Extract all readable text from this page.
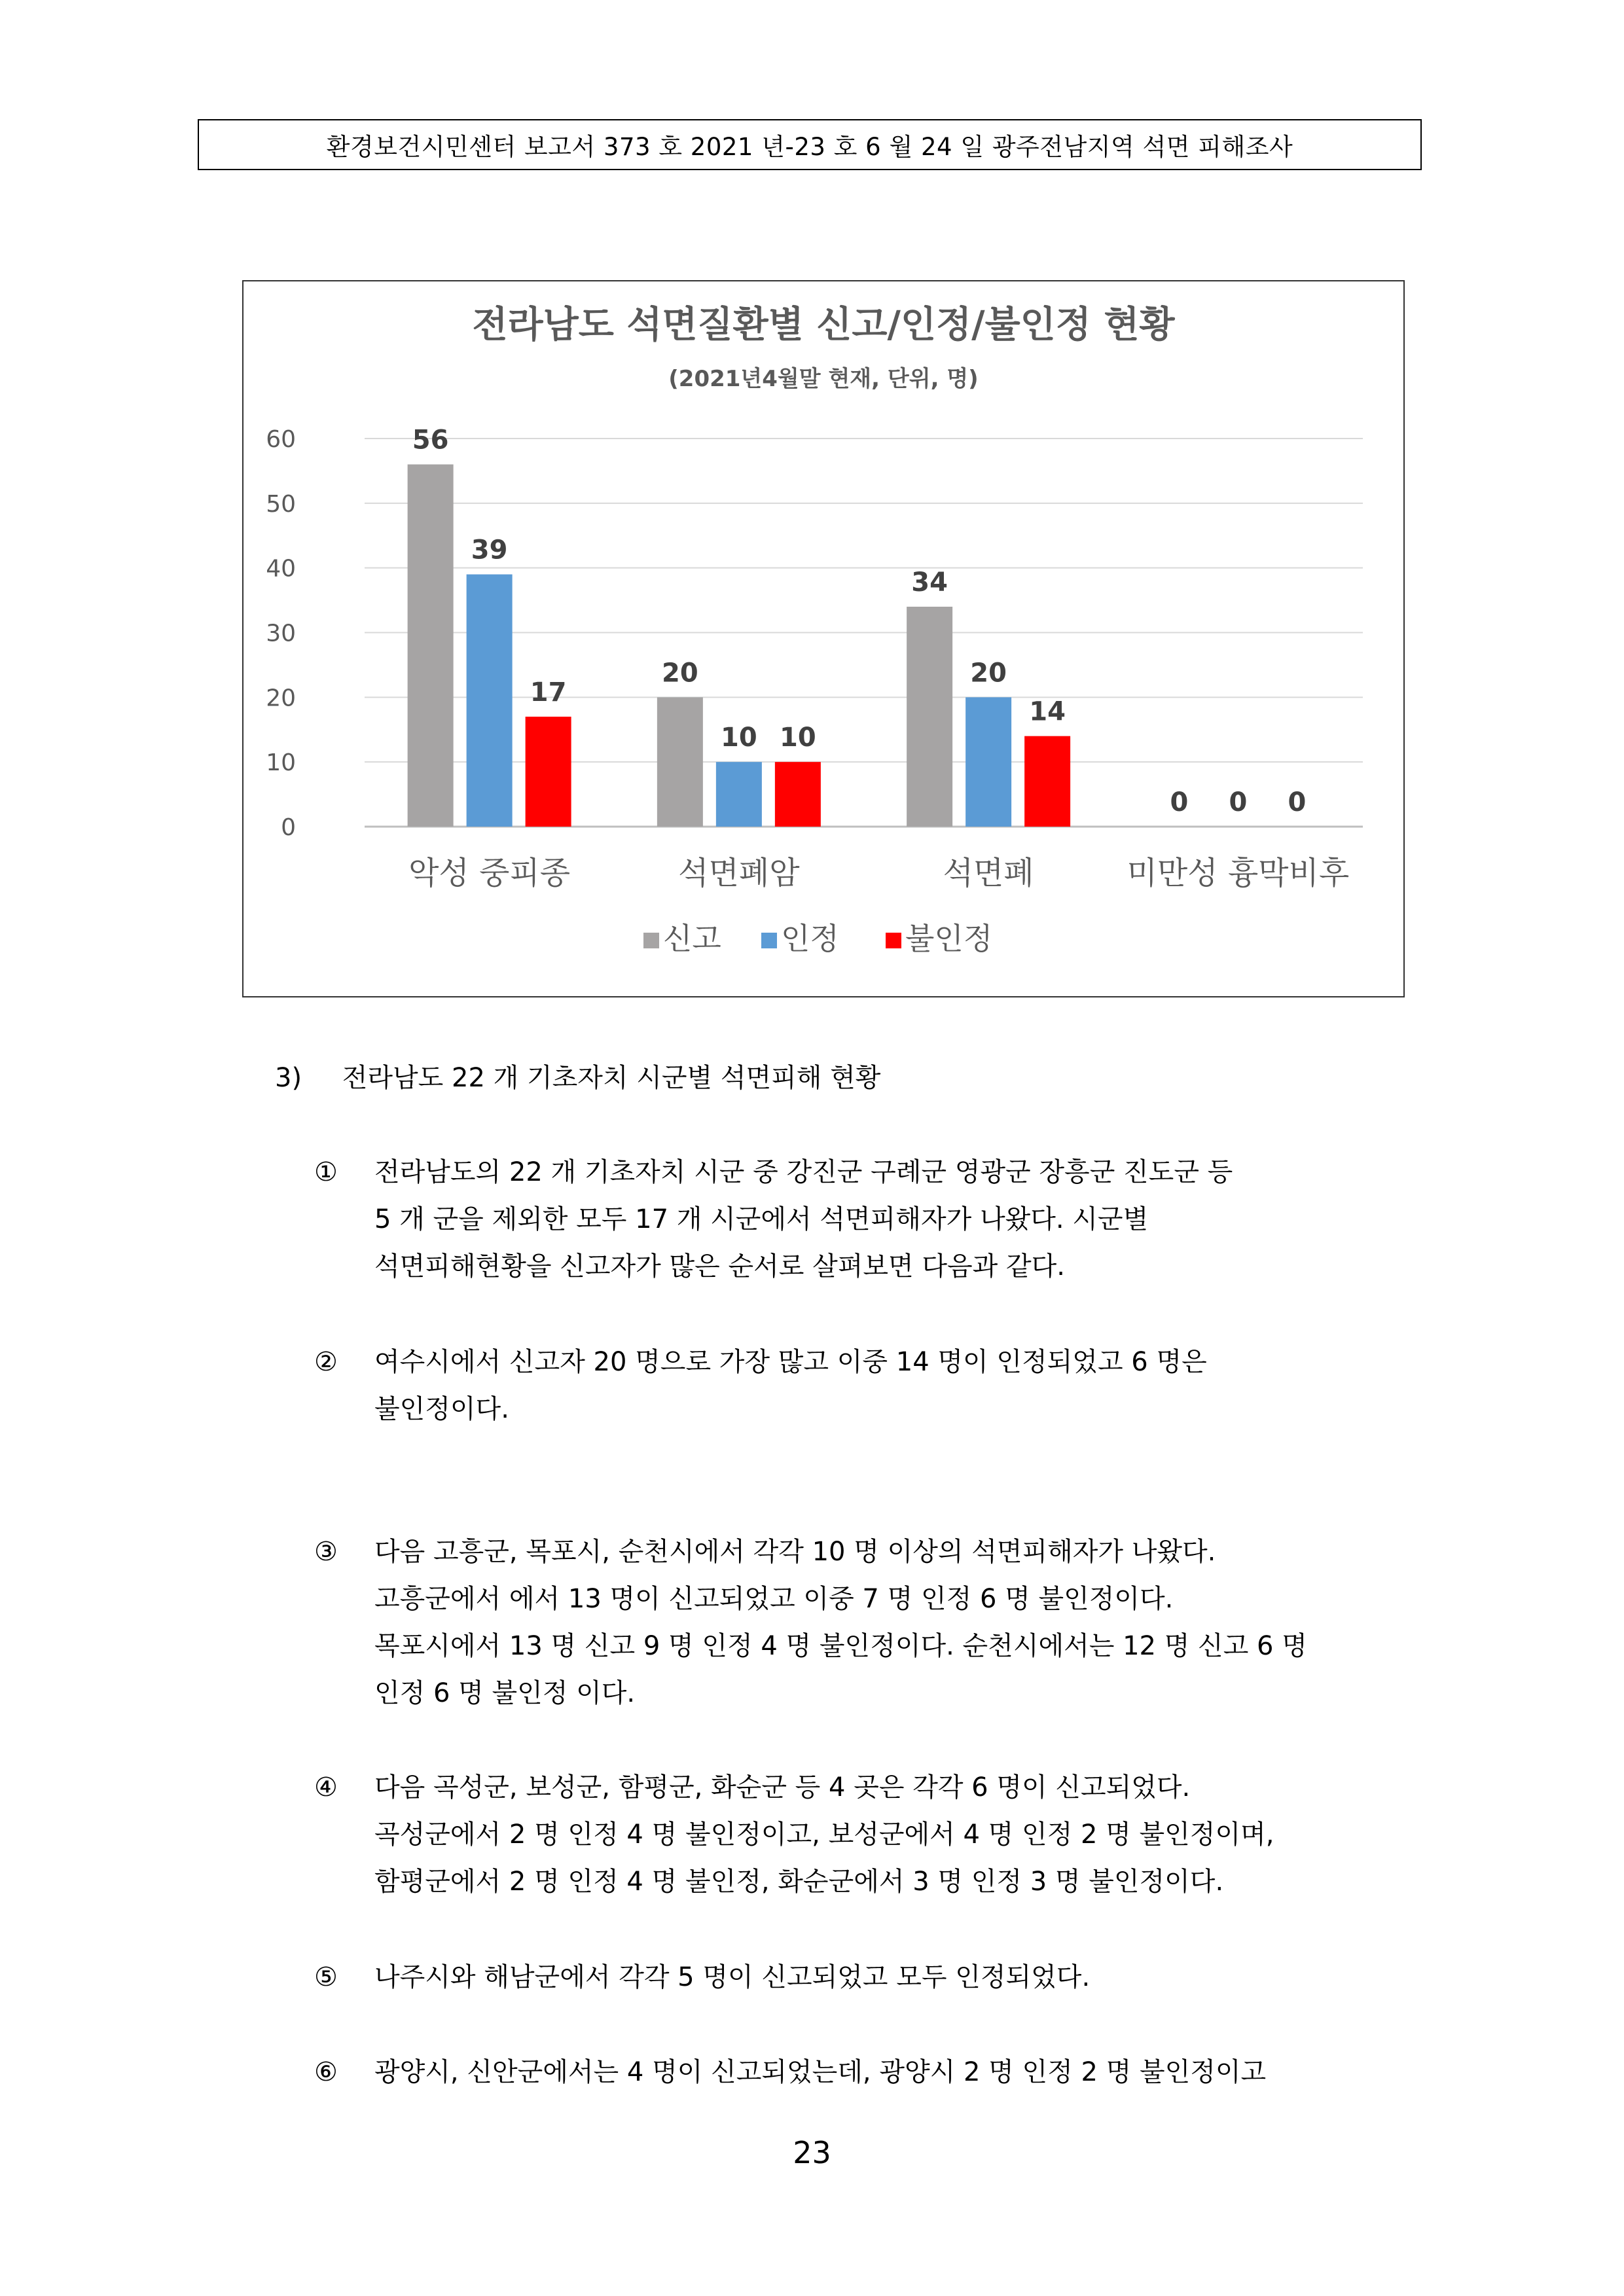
환경보건시민센터 보고서 373 호 2021 년-23 호 6 월 24 일 광주전남지역 석면 피해조사
0
10
20
30
40
50
60	56
39
17
악성 중피종
20
10 10
석면폐암
34
20
14
석면폐
0 0 0
미만성 흉막비후
전라남도 석면질환별 신고/인정/불인정 현황
(2021년4월말 현재, 단위, 명)
신고 인정 불인정
3) 전라남도 22 개 기초자치 시군별 석면피해 현황
①	전라남도의 22 개 기초자치 시군 중 강진군 구례군 영광군 장흥군 진도군 등

5 개 군을 제외한 모두 17 개 시군에서 석면피해자가 나왔다. 시군별

석면피해현황을 신고자가 많은 순서로 살펴보면 다음과 같다.

②	여수시에서 신고자 20 명으로 가장 많고 이중 14 명이 인정되었고 6 명은

불인정이다.

③	다음 고흥군, 목포시, 순천시에서 각각 10 명 이상의 석면피해자가 나왔다.

고흥군에서 에서 13 명이 신고되었고 이중 7 명 인정 6 명 불인정이다.

목포시에서 13 명 신고 9 명 인정 4 명 불인정이다. 순천시에서는 12 명 신고 6 명

인정 6 명 불인정 이다.

④	다음 곡성군, 보성군, 함평군, 화순군 등 4 곳은 각각 6 명이 신고되었다.

곡성군에서 2 명 인정 4 명 불인정이고, 보성군에서 4 명 인정 2 명 불인정이며,

함평군에서 2 명 인정 4 명 불인정, 화순군에서 3 명 인정 3 명 불인정이다.

⑤	나주시와 해남군에서 각각 5 명이 신고되었고 모두 인정되었다.

⑥	광양시, 신안군에서는 4 명이 신고되었는데, 광양시 2 명 인정 2 명 불인정이고

23
